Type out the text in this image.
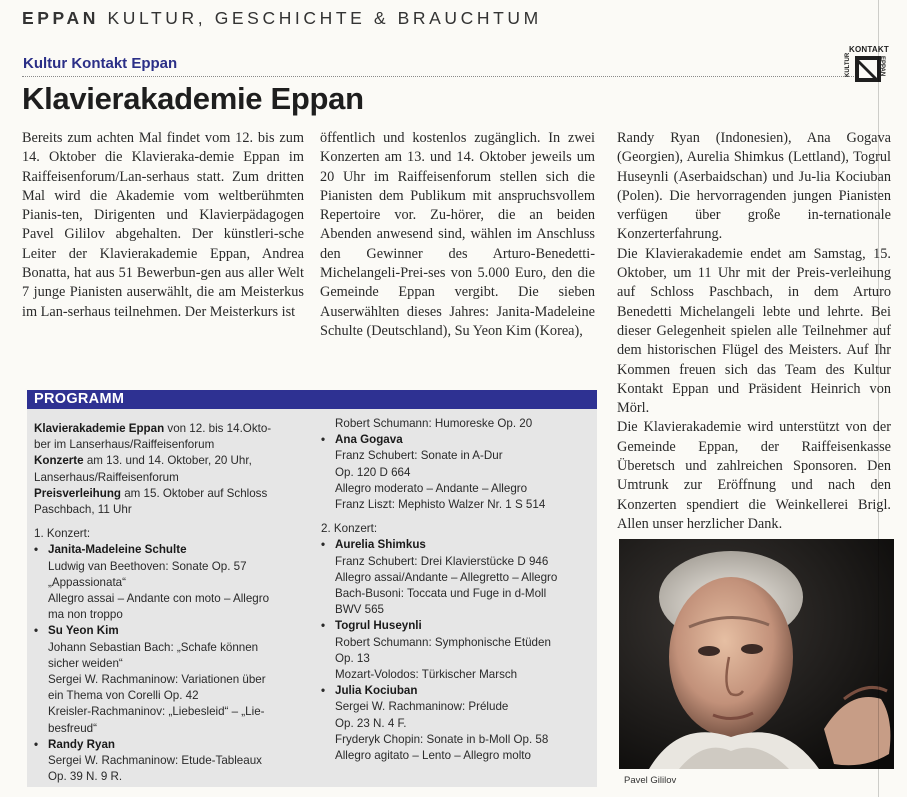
EPPAN KULTUR, GESCHICHTE & BRAUCHTUM
Kultur Kontakt Eppan
Klavierakademie Eppan
KONTAKT
KULTUR	EPPAN
Bereits zum achten Mal findet vom 12. bis zum 14. Oktober die Klavieraka-demie Eppan im Raiffeisenforum/Lan-serhaus statt. Zum dritten Mal wird die Akademie vom weltberühmten Pianis-ten, Dirigenten und Klavierpädagogen Pavel Gililov abgehalten. Der künstleri-sche Leiter der Klavierakademie Eppan, Andrea Bonatta, hat aus 51 Bewerbun-gen aus aller Welt 7 junge Pianisten auserwählt, die am Meisterkus im Lan-serhaus teilnehmen. Der Meisterkurs ist
öffentlich und kostenlos zugänglich. In zwei Konzerten am 13. und 14. Oktober jeweils um 20 Uhr im Raiffeisenforum stellen sich die Pianisten dem Publikum mit anspruchsvollem Repertoire vor. Zu-hörer, die an beiden Abenden anwesend sind, wählen im Anschluss den Gewinner des Arturo-Benedetti-Michelangeli-Prei-ses von 5.000 Euro, den die Gemeinde Eppan vergibt. Die sieben Auserwählten dieses Jahres: Janita-Madeleine Schulte (Deutschland), Su Yeon Kim (Korea),
Randy Ryan (Indonesien), Ana Gogava (Georgien), Aurelia Shimkus (Lettland), Togrul Huseynli (Aserbaidschan) und Ju-lia Kociuban (Polen). Die hervorragenden jungen Pianisten verfügen über große in-ternationale Konzerterfahrung.
Die Klavierakademie endet am Samstag, 15. Oktober, um 11 Uhr mit der Preis-verleihung auf Schloss Paschbach, in dem Arturo Benedetti Michelangeli lebte und lehrte. Bei dieser Gelegenheit spielen alle Teilnehmer auf dem historischen Flügel des Meisters. Auf Ihr Kommen freuen sich das Team des Kultur Kontakt Eppan und Präsident Heinrich von Mörl.
Die Klavierakademie wird unterstützt von der Gemeinde Eppan, der Raiffeisenkasse Überetsch und zahlreichen Sponsoren. Den Umtrunk zur Eröffnung und nach den Konzerten spendiert die Weinkellerei Brigl. Allen unser herzlicher Dank.
PROGRAMM
Klavierakademie Eppan von 12. bis 14.Okto-
ber im Lanserhaus/Raiffeisenforum
Konzerte am 13. und 14. Oktober, 20 Uhr,
Lanserhaus/Raiffeisenforum
Preisverleihung am 15. Oktober auf Schloss
Paschbach, 11 Uhr
1. Konzert:
• Janita-Madeleine Schulte
Ludwig van Beethoven: Sonate Op. 57
„Appassionata“
Allegro assai – Andante con moto – Allegro
ma non troppo
• Su Yeon Kim
Johann Sebastian Bach: „Schafe können
sicher weiden“
Sergei W. Rachmaninow: Variationen über
ein Thema von Corelli Op. 42
Kreisler-Rachmaninov: „Liebesleid“ – „Lie-
besfreud“
• Randy Ryan
Sergei W. Rachmaninow: Etude-Tableaux
Op. 39 N. 9 R.
Robert Schumann: Humoreske Op. 20
• Ana Gogava
Franz Schubert: Sonate in A-Dur
Op. 120 D 664
Allegro moderato – Andante – Allegro
Franz Liszt: Mephisto Walzer Nr. 1 S 514
2. Konzert:
• Aurelia Shimkus
Franz Schubert: Drei Klavierstücke D 946
Allegro assai/Andante – Allegretto – Allegro
Bach-Busoni: Toccata und Fuge in d-Moll
BWV 565
• Togrul Huseynli
Robert Schumann: Symphonische Etüden
Op. 13
Mozart-Volodos: Türkischer Marsch
• Julia Kociuban
Sergei W. Rachmaninow: Prélude
Op. 23 N. 4 F.
Fryderyk Chopin: Sonate in b-Moll Op. 58
Allegro agitato – Lento – Allegro molto
Pavel Gililov
